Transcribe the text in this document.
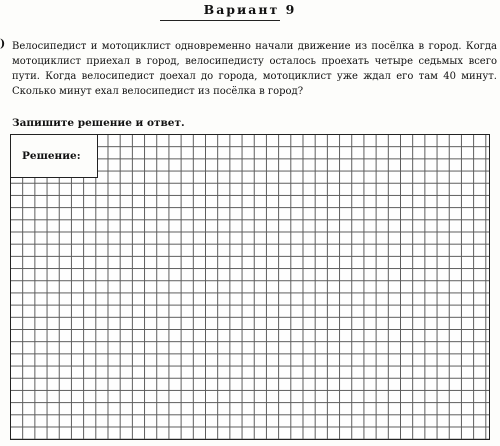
Вариант 9
) Велосипедист и мотоциклист одновременно начали движение из посёлка в город. Когда мотоциклист приехал в город, велосипедисту осталось проехать четыре седьмых всего пути. Когда велосипедист доехал до города, мотоциклист уже ждал его там 40 минут. Сколько минут ехал велосипедист из посёлка в город?

Запишите решение и ответ.
Решение:
